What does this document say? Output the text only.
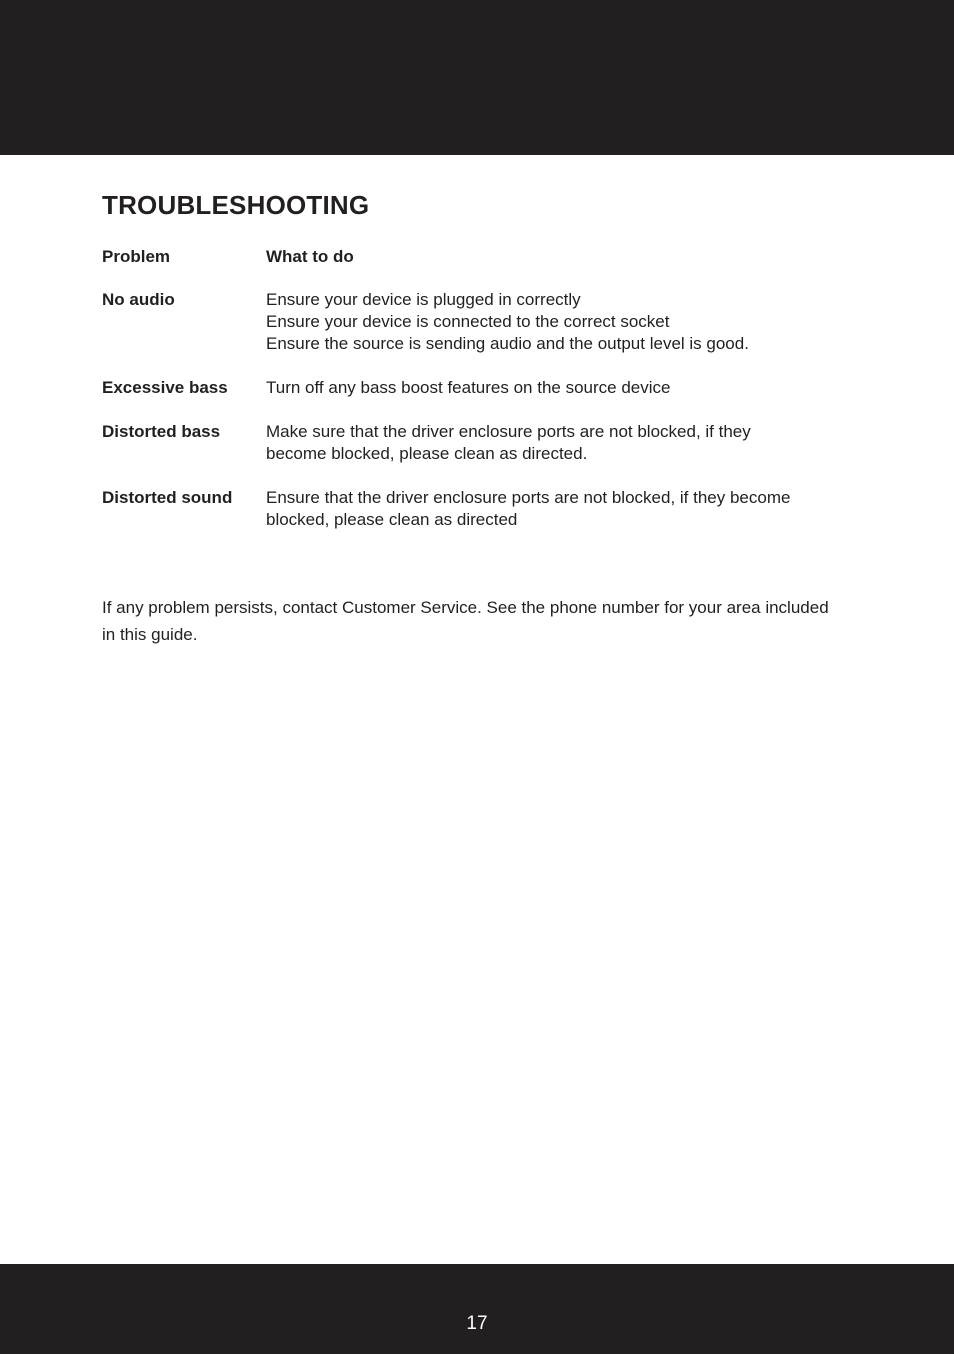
TROUBLESHOOTING
Problem	What to do
No audio	Ensure your device is plugged in correctly
Ensure your device is connected to the correct socket
Ensure the source is sending audio and the output level is good.

Excessive bass	Turn off any bass boost features on the source device

Distorted bass	Make sure that the driver enclosure ports are not blocked, if they
become blocked, please clean as directed.

Distorted sound	Ensure that the driver enclosure ports are not blocked, if they become
blocked, please clean as directed

If any problem persists, contact Customer Service. See the phone number for your area included in this guide.

17
